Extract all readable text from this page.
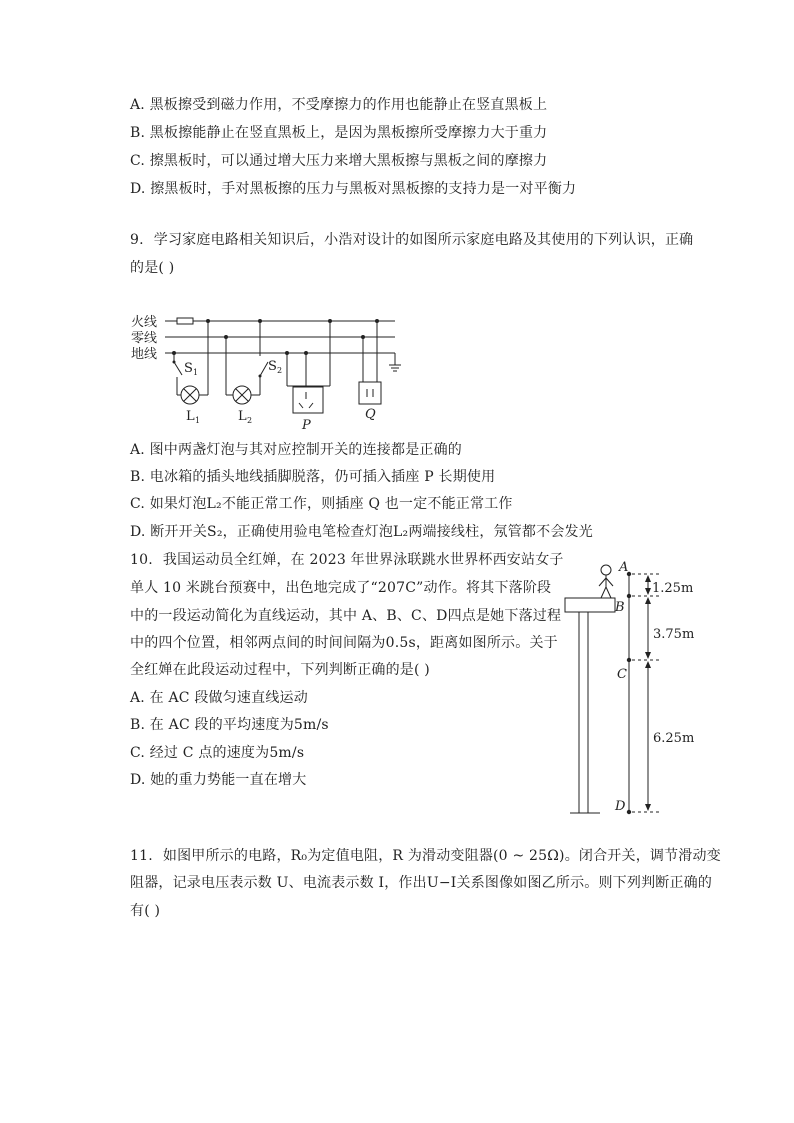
A. 黑板擦受到磁力作用，不受摩擦力的作用也能静止在竖直黑板上
B. 黑板擦能静止在竖直黑板上，是因为黑板擦所受摩擦力大于重力
C. 擦黑板时，可以通过增大压力来增大黑板擦与黑板之间的摩擦力
D. 擦黑板时，手对黑板擦的压力与黑板对黑板擦的支持力是一对平衡力
9. 学习家庭电路相关知识后，小浩对设计的如图所示家庭电路及其使用的下列认识，正确
的是( )
火线
零线
地线
S 1	S 2
L 1	L 2	P
Q
A. 图中两盏灯泡与其对应控制开关的连接都是正确的
B. 电冰箱的插头地线插脚脱落，仍可插入插座 P 长期使用
C. 如果灯泡L₂不能正常工作，则插座 Q 也一定不能正常工作
D. 断开开关S₂，正确使用验电笔检查灯泡L₂两端接线柱，氖管都不会发光
10. 我国运动员全红婵，在 2023 年世界泳联跳水世界杯西安站女子
单人 10 米跳台预赛中，出色地完成了“207C”动作。将其下落阶段
中的一段运动简化为直线运动，其中 A、B、C、D四点是她下落过程
中的四个位置，相邻两点间的时间间隔为0.5s，距离如图所示。关于
全红婵在此段运动过程中，下列判断正确的是( )
A. 在 AC 段做匀速直线运动
B. 在 AC 段的平均速度为5m/s
C. 经过 C 点的速度为5m/s
D. 她的重力势能一直在增大
A
B
C
D
1.25m
3.75m
6.25m
11. 如图甲所示的电路，R₀为定值电阻，R 为滑动变阻器(0 ~ 25Ω)。闭合开关，调节滑动变
阻器，记录电压表示数 U、电流表示数 I，作出U−I关系图像如图乙所示。则下列判断正确的
有( )
